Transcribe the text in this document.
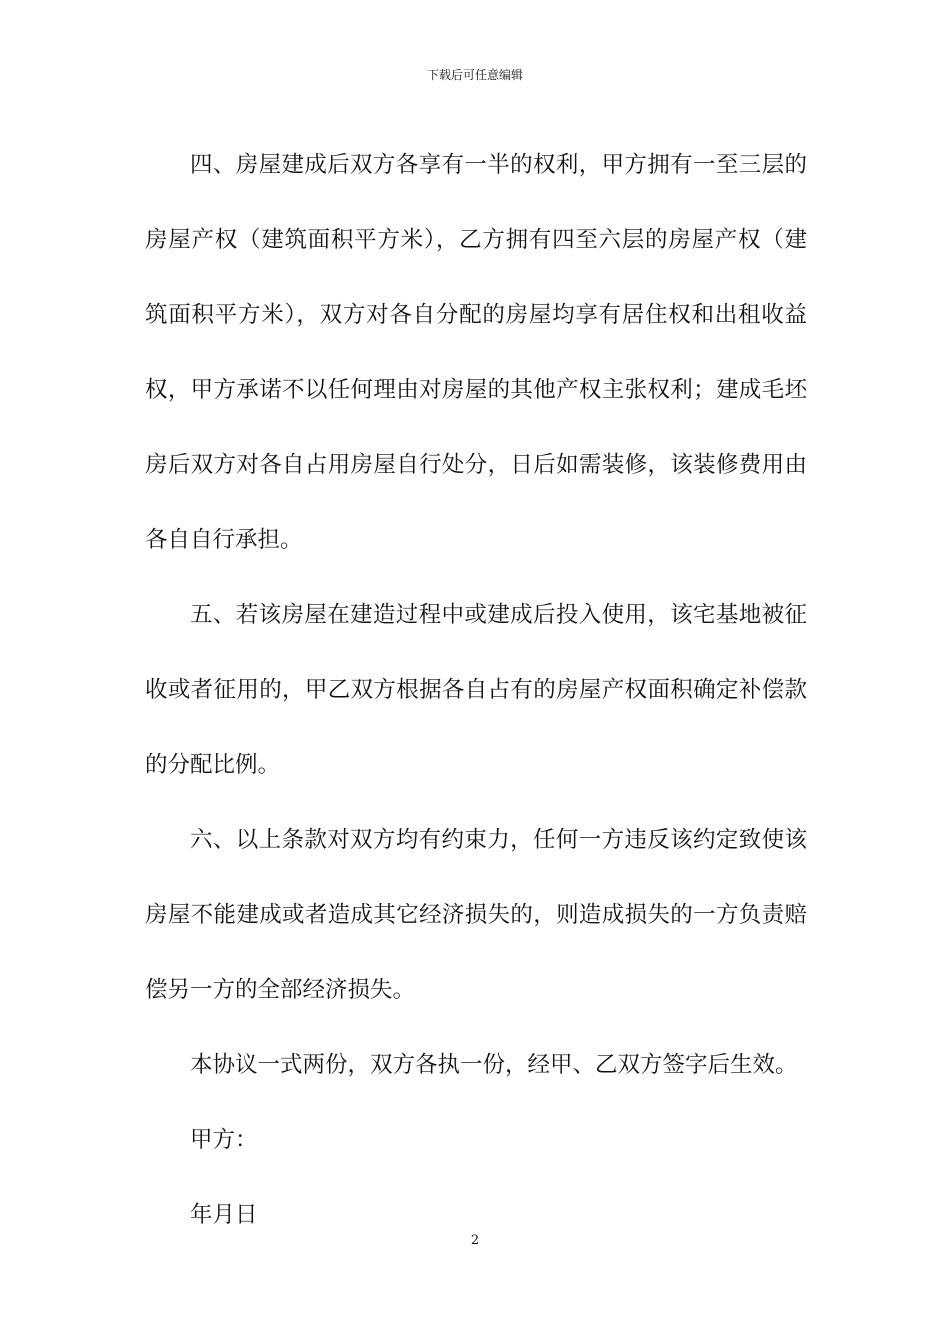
下载后可任意编辑

四、房屋建成后双方各享有一半的权利，甲方拥有一至三层的房屋产权（建筑面积平方米），乙方拥有四至六层的房屋产权（建筑面积平方米），双方对各自分配的房屋均享有居住权和出租收益权，甲方承诺不以任何理由对房屋的其他产权主张权利；建成毛坯房后双方对各自占用房屋自行处分，日后如需装修，该装修费用由各自自行承担。

五、若该房屋在建造过程中或建成后投入使用，该宅基地被征收或者征用的，甲乙双方根据各自占有的房屋产权面积确定补偿款的分配比例。

六、以上条款对双方均有约束力，任何一方违反该约定致使该房屋不能建成或者造成其它经济损失的，则造成损失的一方负责赔偿另一方的全部经济损失。

本协议一式两份，双方各执一份，经甲、乙双方签字后生效。

甲方：

年月日

2
